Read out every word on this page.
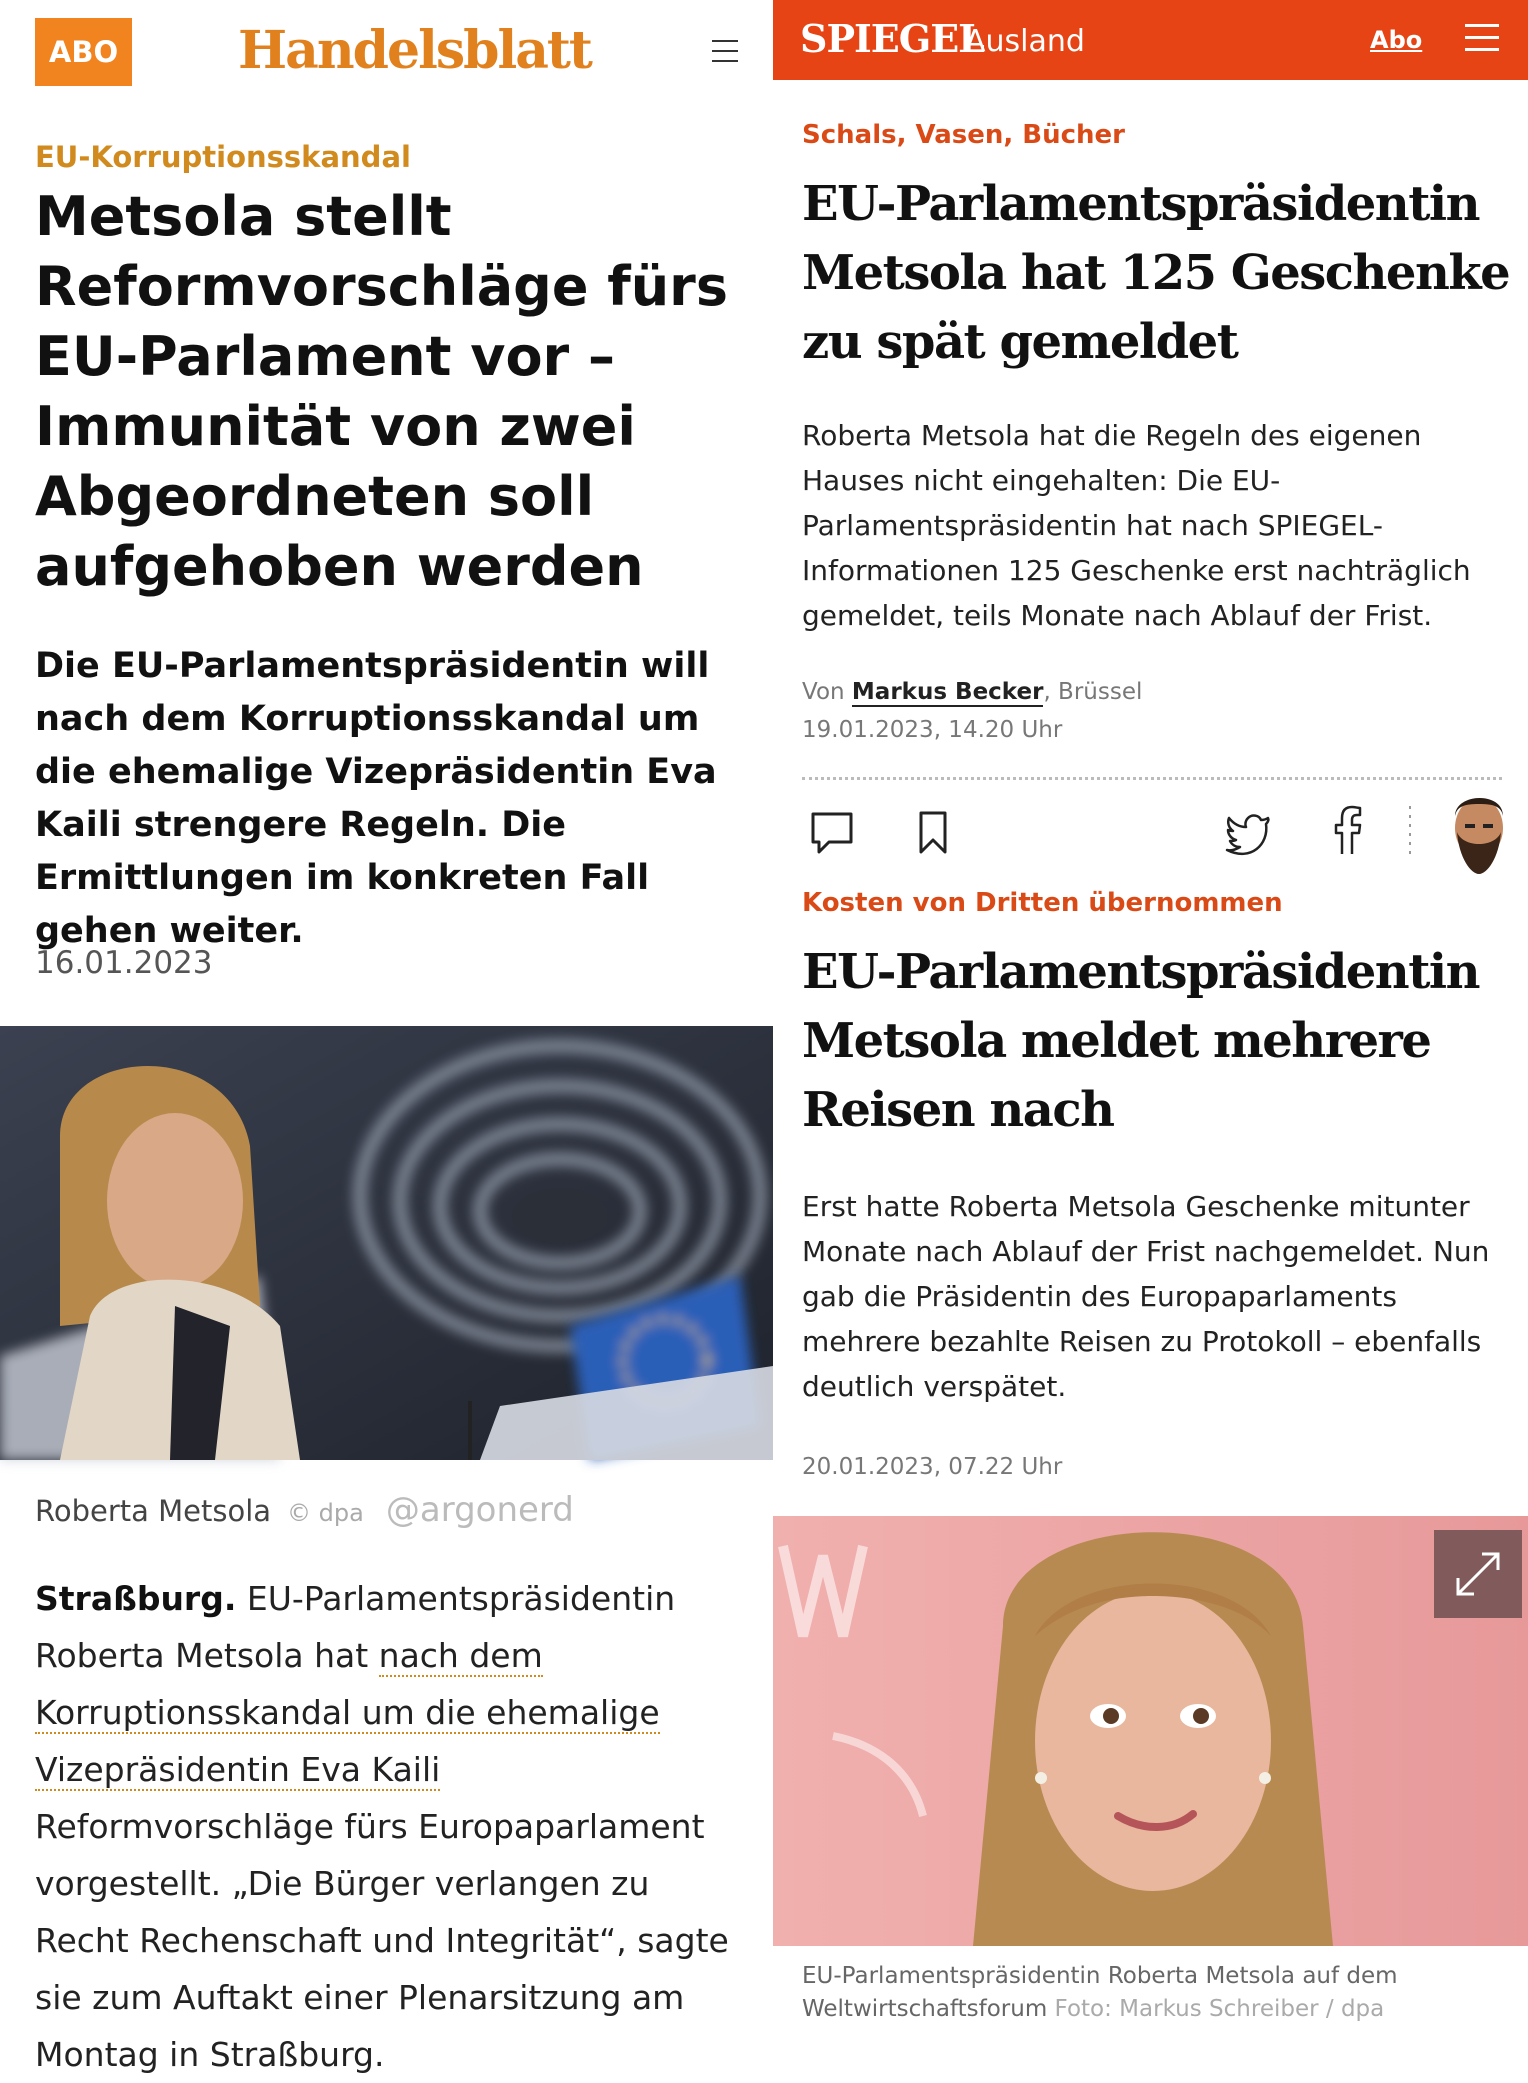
ABO Handelsblatt
EU-Korruptionsskandal
Metsola stellt Reformvorschläge fürs EU-Parlament vor – Immunität von zwei Abgeordneten soll aufgehoben werden
Die EU-Parlamentspräsidentin will nach dem Korruptionsskandal um die ehemalige Vizepräsidentin Eva Kaili strengere Regeln. Die Ermittlungen im konkreten Fall gehen weiter.
16.01.2023
Roberta Metsola © dpa @argonerd
Straßburg. EU-Parlamentspräsidentin Roberta Metsola hat nach dem Korruptionsskandal um die ehemalige Vizepräsidentin Eva Kaili Reformvorschläge fürs Europaparlament vorgestellt. „Die Bürger verlangen zu Recht Rechenschaft und Integrität“, sagte sie zum Auftakt einer Plenarsitzung am Montag in Straßburg.
SPIEGEL
Ausland	Abo
Schals, Vasen, Bücher
EU-Parlamentspräsidentin Metsola hat 125 Geschenke zu spät gemeldet
Roberta Metsola hat die Regeln des eigenen Hauses nicht eingehalten: Die EU-Parlamentspräsidentin hat nach SPIEGEL-Informationen 125 Geschenke erst nachträglich gemeldet, teils Monate nach Ablauf der Frist.
Von Markus Becker, Brüssel
19.01.2023, 14.20 Uhr
Kosten von Dritten übernommen
EU-Parlamentspräsidentin Metsola meldet mehrere Reisen nach
Erst hatte Roberta Metsola Geschenke mitunter Monate nach Ablauf der Frist nachgemeldet. Nun gab die Präsidentin des Europaparlaments mehrere bezahlte Reisen zu Protokoll – ebenfalls deutlich verspätet.
20.01.2023, 07.22 Uhr
EU-Parlamentspräsidentin Roberta Metsola auf dem Weltwirtschaftsforum Foto: Markus Schreiber / dpa
